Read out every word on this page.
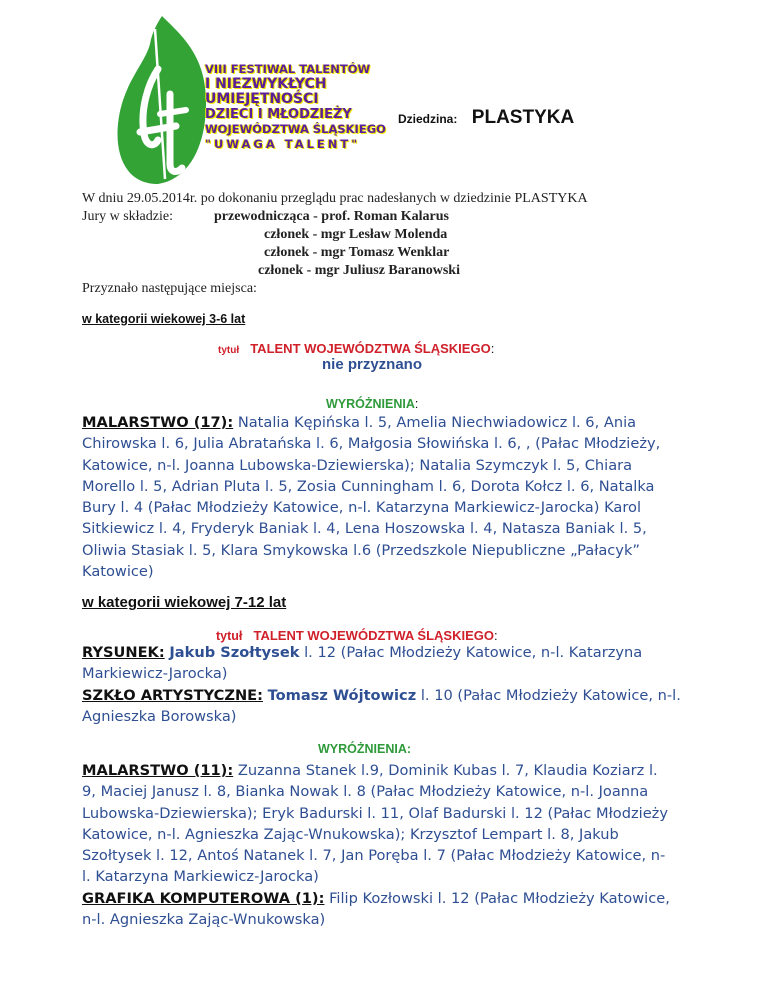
VIII FESTIWAL TALENTÓW
I NIEZWYKŁYCH
UMIEJĘTNOŚCI
DZIECI I MŁODZIEŻY
WOJEWÓDZTWA ŚLĄSKIEGO
"UWAGA TALENT"
Dziedzina: PLASTYKA
W dniu 29.05.2014r. po dokonaniu przeglądu prac nadesłanych w dziedzinie PLASTYKA
Jury w składzie:	przewodnicząca - prof. Roman Kalarus
członek - mgr Lesław Molenda
członek - mgr Tomasz Wenklar
członek - mgr Juliusz Baranowski
Przyznało następujące miejsca:
w kategorii wiekowej 3-6 lat
tytuł TALENT WOJEWÓDZTWA ŚLĄSKIEGO:
nie przyznano
WYRÓŻNIENIA:
MALARSTWO (17): Natalia Kępińska l. 5, Amelia Niechwiadowicz l. 6, Ania Chirowska l. 6, Julia Abratańska l. 6, Małgosia Słowińska l. 6, , (Pałac Młodzieży, Katowice, n-l. Joanna Lubowska-Dziewierska); Natalia Szymczyk l. 5, Chiara Morello l. 5, Adrian Pluta l. 5, Zosia Cunningham l. 6, Dorota Kołcz l. 6, Natalka Bury l. 4 (Pałac Młodzieży Katowice, n-l. Katarzyna Markiewicz-Jarocka) Karol Sitkiewicz l. 4, Fryderyk Baniak l. 4, Lena Hoszowska l. 4, Natasza Baniak l. 5, Oliwia Stasiak l. 5, Klara Smykowska l.6 (Przedszkole Niepubliczne „Pałacyk” Katowice)
w kategorii wiekowej 7-12 lat
tytuł TALENT WOJEWÓDZTWA ŚLĄSKIEGO:
RYSUNEK: Jakub Szołtysek l. 12 (Pałac Młodzieży Katowice, n-l. Katarzyna Markiewicz-Jarocka)
SZKŁO ARTYSTYCZNE: Tomasz Wójtowicz l. 10 (Pałac Młodzieży Katowice, n-l. Agnieszka Borowska)
WYRÓŻNIENIA:
MALARSTWO (11): Zuzanna Stanek l.9, Dominik Kubas l. 7, Klaudia Koziarz l. 9, Maciej Janusz l. 8, Bianka Nowak l. 8 (Pałac Młodzieży Katowice, n-l. Joanna Lubowska-Dziewierska); Eryk Badurski l. 11, Olaf Badurski l. 12 (Pałac Młodzieży Katowice, n-l. Agnieszka Zając-Wnukowska); Krzysztof Lempart l. 8, Jakub Szołtysek l. 12, Antoś Natanek l. 7, Jan Poręba l. 7 (Pałac Młodzieży Katowice, n-l. Katarzyna Markiewicz-Jarocka)
GRAFIKA KOMPUTEROWA (1): Filip Kozłowski l. 12 (Pałac Młodzieży Katowice, n-l. Agnieszka Zając-Wnukowska)
